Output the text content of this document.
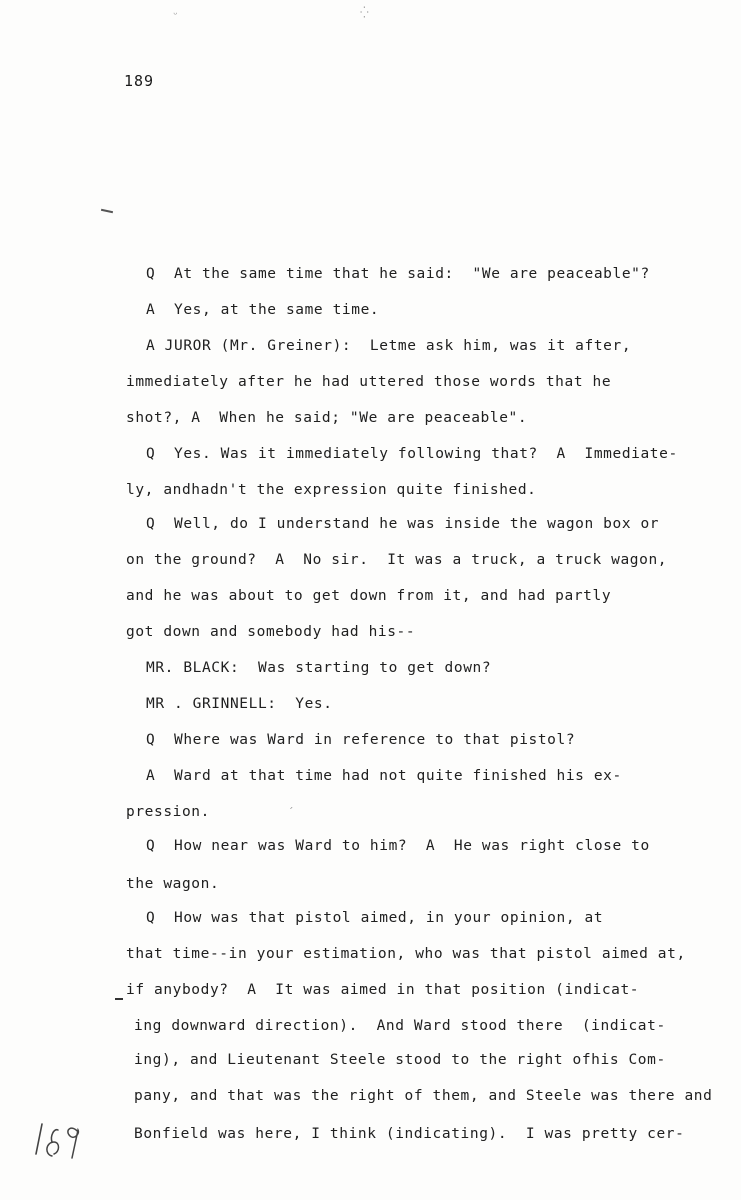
ᵕ	⁛
ˏ
189
Q  At the same time that he said:  "We are peaceable"?
A  Yes, at the same time.
A JUROR (Mr. Greiner):  Letme ask him, was it after,
immediately after he had uttered those words that he
shot?, A  When he said; "We are peaceable".
Q  Yes. Was it immediately following that?  A  Immediate-
ly, andhadn't the expression quite finished.
Q  Well, do I understand he was inside the wagon box or
on the ground?  A  No sir.  It was a truck, a truck wagon,
and he was about to get down from it, and had partly
got down and somebody had his--
MR. BLACK:  Was starting to get down?
MR . GRINNELL:  Yes.
Q  Where was Ward in reference to that pistol?
A  Ward at that time had not quite finished his ex-
pression.
Q  How near was Ward to him?  A  He was right close to
the wagon.
Q  How was that pistol aimed, in your opinion, at
that time--in your estimation, who was that pistol aimed at,
if anybody?  A  It was aimed in that position (indicat-
ing downward direction).  And Ward stood there  (indicat-
ing), and Lieutenant Steele stood to the right ofhis Com-
pany, and that was the right of them, and Steele was there and
Bonfield was here, I think (indicating).  I was pretty cer-
